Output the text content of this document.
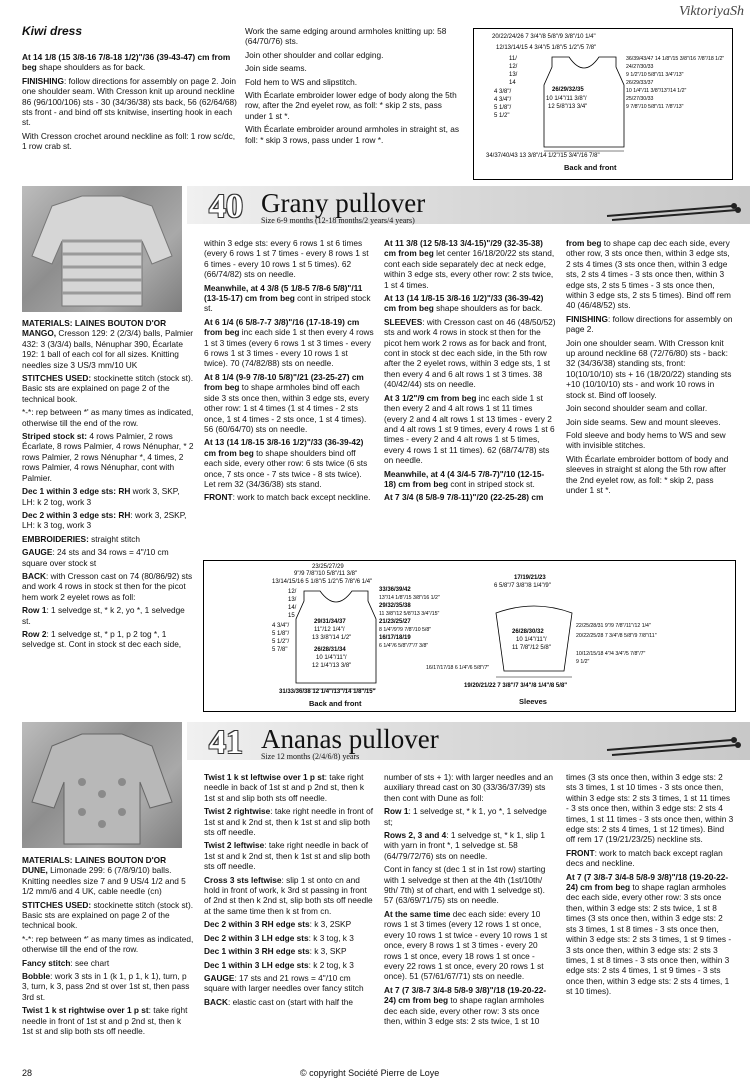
ViktoriyaSh
Kiwi dress

At 14 1/8 (15 3/8-16 7/8-18 1/2)"/36 (39-43-47) cm from beg shape shoulders as for back.

FINISHING: follow directions for assembly on page 2. Join one shoulder seam. With Cresson knit up around neckline 86 (96/100/106) sts - 30 (34/36/38) sts back, 56 (62/64/68) sts front - and bind off sts knitwise, inserting hook in each st.

With Cresson crochet around neckline as foll: 1 row sc/dc, 1 row crab st.

Work the same edging around armholes knitting up: 58 (64/70/76) sts.

Join other shoulder and collar edging.

Join side seams.

Fold hem to WS and slipstitch.

With Écarlate embroider lower edge of body along the 5th row, after the 2nd eyelet row, as foll: * skip 2 sts, pass under 1 st *.

With Écarlate embroider around armholes in straight st, as foll: * skip 3 rows, pass under 1 row *.

20/22/24/26 7 3/4"/8 5/8"/9 3/8"/10 1/4"
12/13/14/15 4 3/4"/5 1/8"/5 1/2"/5 7/8"
11/
12/
13/
14
4 3/8"/
4 3/4"/
5 1/8"/
5 1/2"
26/29/32/35
10 1/4"/11 3/8"/
12 5/8"/13 3/4"
36/39/43/47 14 1/8"/15 3/8"/16 7/8"/18 1/2"
24/27/30/33
9 1/2"/10 5/8"/11 3/4"/13"
26/29/33/37
10 1/4"/11 3/8"/13"/14 1/2"
25/27/30/33
9 7/8"/10 5/8"/11 7/8"/13"
34/37/40/43 13 3/8"/14 1/2"/15 3/4"/16 7/8"
Back and front
40 Grany pullover
Size 6-9 months (12-18 months/2 years/4 years)

MATERIALS: LAINES BOUTON D'OR MANGO, Cresson 129: 2 (2/3/4) balls, Palmier 432: 3 (3/3/4) balls, Nénuphar 390, Écarlate 192: 1 ball of each col for all sizes. Knitting needles size 3 US/3 mm/10 UK

STITCHES USED: stockinette stitch (stock st). Basic sts are explained on page 2 of the technical book.

*-*: rep between *' as many times as indicated, otherwise till the end of the row.

Striped stock st: 4 rows Palmier, 2 rows Écarlate, 8 rows Palmier, 4 rows Nénuphar, * 2 rows Palmier, 2 rows Nénuphar *, 4 times, 2 rows Palmier, 4 rows Nénuphar, cont with Palmier.

Dec 1 within 3 edge sts: RH work 3, SKP, LH: k 2 tog, work 3

Dec 2 within 3 edge sts: RH: work 3, 2SKP, LH: k 3 tog, work 3

EMBROIDERIES: straight stitch

GAUGE: 24 sts and 34 rows = 4"/10 cm square over stock st

BACK: with Cresson cast on 74 (80/86/92) sts and work 4 rows in stock st then for the picot hem work 2 eyelet rows as foll:

Row 1: 1 selvedge st, * k 2, yo *, 1 selvedge st.

Row 2: 1 selvedge st, * p 1, p 2 tog *, 1 selvedge st. Cont in stock st dec each side,

within 3 edge sts: every 6 rows 1 st 6 times (every 6 rows 1 st 7 times - every 8 rows 1 st 6 times - every 10 rows 1 st 5 times). 62 (66/74/82) sts on needle.

Meanwhile, at 4 3/8 (5 1/8-5 7/8-6 5/8)"/11 (13-15-17) cm from beg cont in striped stock st.

At 6 1/4 (6 5/8-7-7 3/8)"/16 (17-18-19) cm from beg inc each side 1 st then every 4 rows 1 st 3 times (every 6 rows 1 st 3 times - every 6 rows 1 st 3 times - every 10 rows 1 st twice). 70 (74/82/88) sts on needle.

At 8 1/4 (9-9 7/8-10 5/8)"/21 (23-25-27) cm from beg to shape armholes bind off each side 3 sts once then, within 3 edge sts, every other row: 1 st 4 times (1 st 4 times - 2 sts once, 1 st 4 times - 2 sts once, 1 st 4 times). 56 (60/64/70) sts on needle.

At 13 (14 1/8-15 3/8-16 1/2)"/33 (36-39-42) cm from beg to shape shoulders bind off each side, every other row: 6 sts twice (6 sts once, 7 sts once - 7 sts twice - 8 sts twice). Let rem 32 (34/36/38) sts stand.

FRONT: work to match back except neckline.

At 11 3/8 (12 5/8-13 3/4-15)"/29 (32-35-38) cm from beg let center 16/18/20/22 sts stand, cont each side separately dec at neck edge, within 3 edge sts, every other row: 2 sts twice, 1 st 4 times.

At 13 (14 1/8-15 3/8-16 1/2)"/33 (36-39-42) cm from beg shape shoulders as for back.

SLEEVES: with Cresson cast on 46 (48/50/52) sts and work 4 rows in stock st then for the picot hem work 2 rows as for back and front, cont in stock st dec each side, in the 5th row after the 2 eyelet rows, within 3 edge sts, 1 st then every 4 and 6 alt rows 1 st 3 times. 38 (40/42/44) sts on needle.

At 3 1/2"/9 cm from beg inc each side 1 st then every 2 and 4 alt rows 1 st 11 times (every 2 and 4 alt rows 1 st 13 times - every 2 and 4 alt rows 1 st 9 times, every 4 rows 1 st 6 times - every 2 and 4 alt rows 1 st 5 times, every 4 rows 1 st 11 times). 62 (68/74/78) sts on needle.

Meanwhile, at 4 (4 3/4-5 7/8-7)"/10 (12-15-18) cm from beg cont in striped stock st.

At 7 3/4 (8 5/8-9 7/8-11)"/20 (22-25-28) cm

from beg to shape cap dec each side, every other row, 3 sts once then, within 3 edge sts, 2 sts 4 times (3 sts once then, within 3 edge sts, 2 sts 4 times - 3 sts once then, within 3 edge sts, 2 sts 5 times - 3 sts once then, within 3 edge sts, 2 sts 5 times). Bind off rem 40 (46/48/52) sts.

FINISHING: follow directions for assembly on page 2.

Join one shoulder seam. With Cresson knit up around neckline 68 (72/76/80) sts - back: 32 (34/36/38) standing sts, front: 10(10/10/10) sts + 16 (18/20/22) standing sts +10 (10/10/10) sts - and work 10 rows in stock st. Bind off loosely.

Join second shoulder seam and collar.

Join side seams. Sew and mount sleeves.

Fold sleeve and body hems to WS and sew with invisible stitches.

With Écarlate embroider bottom of body and sleeves in straight st along the 5th row after the 2nd eyelet row, as foll: * skip 2, pass under 1 st *.

23/25/27/29
9"/9 7/8"/10 5/8"/11 3/8"
13/14/15/16 5 1/8"/5 1/2"/5 7/8"/6 1/4"
12/
13/
14/
15
4 3/4"/
5 1/8"/
5 1/2"/
5 7/8"
29/31/34/37
11"/12 1/4"/
13 3/8"/14 1/2"
26/28/31/34
10 1/4"/11"/
12 1/4"/13 3/8"
33/36/39/42
13"/14 1/8"/15 3/8"/16 1/2"
29/32/35/38
11 3/8"/12 5/8"/13 3/4"/15"
21/23/25/27
8 1/4"/9"/9 7/8"/10 5/8"
16/17/18/19
6 1/4"/6 5/8"/7"/7 3/8"
31/33/36/38 12 1/4"/13"/14 1/8"/15"
Back and front
17/19/21/23
6 5/8"/7 3/8"/8 1/4"/9"
26/28/30/32
10 1/4"/11"/
11 7/8"/12 5/8"
16/17/17/18 6 1/4"/6 5/8"/7"
22/25/28/31 9"/9 7/8"/11"/12 1/4"
20/22/25/28 7 3/4"/8 5/8"/9 7/8"/11"
10/12/15/18 4"/4 3/4"/5 7/8"/7"
9 1/2"
19/20/21/22 7 3/8"/7 3/4"/8 1/4"/8 5/8"
Sleeves
41 Ananas pullover
Size 12 months (2/4/6/8) years

MATERIALS: LAINES BOUTON D'OR DUNE, Limonade 299: 6 (7/8/9/10) balls. Knitting needles size 7 and 9 US/4 1/2 and 5 1/2 mm/6 and 4 UK, cable needle (cn)

STITCHES USED: stockinette stitch (stock st). Basic sts are explained on page 2 of the technical book.

*-*: rep between *' as many times as indicated, otherwise till the end of the row.

Fancy stitch: see chart

Bobble: work 3 sts in 1 (k 1, p 1, k 1), turn, p 3, turn, k 3, pass 2nd st over 1st st, then pass 3rd st.

Twist 1 k st rightwise over 1 p st: take right needle in front of 1st st and p 2nd st, then k 1st st and slip both sts off needle.

Twist 1 k st leftwise over 1 p st: take right needle in back of 1st st and p 2nd st, then k 1st st and slip both sts off needle.

Twist 2 rightwise: take right needle in front of 1st st and k 2nd st, then k 1st st and slip both sts off needle.

Twist 2 leftwise: take right needle in back of 1st st and k 2nd st, then k 1st st and slip both sts off needle.

Cross 3 sts leftwise: slip 1 st onto cn and hold in front of work, k 3rd st passing in front of 2nd st then k 2nd st, slip both sts off needle at the same time then k st from cn.

Dec 2 within 3 RH edge sts: k 3, 2SKP

Dec 2 within 3 LH edge sts: k 3 tog, k 3

Dec 1 within 3 RH edge sts: k 3, SKP

Dec 1 within 3 LH edge sts: k 2 tog, k 3

GAUGE: 17 sts and 21 rows = 4"/10 cm square with larger needles over fancy stitch

BACK: elastic cast on (start with half the

number of sts + 1): with larger needles and an auxiliary thread cast on 30 (33/36/37/39) sts then cont with Dune as foll:

Row 1: 1 selvedge st, * k 1, yo *, 1 selvedge st;

Rows 2, 3 and 4: 1 selvedge st, * k 1, slip 1 with yarn in front *, 1 selvedge st. 58 (64/79/72/76) sts on needle.

Cont in fancy st (dec 1 st in 1st row) starting with 1 selvedge st then at the 4th (1st/10th/ 9th/ 7th) st of chart, end with 1 selvedge st). 57 (63/69/71/75) sts on needle.

At the same time dec each side: every 10 rows 1 st 3 times (every 12 rows 1 st once, every 10 rows 1 st twice - every 10 rows 1 st once, every 8 rows 1 st 3 times - every 20 rows 1 st once, every 18 rows 1 st once - every 22 rows 1 st once, every 20 rows 1 st once). 51 (57/61/67/71) sts on needle.

At 7 (7 3/8-7 3/4-8 5/8-9 3/8)"/18 (19-20-22-24) cm from beg to shape raglan armholes dec each side, every other row: 3 sts once then, within 3 edge sts: 2 sts twice, 1 st 10

times (3 sts once then, within 3 edge sts: 2 sts 3 times, 1 st 10 times - 3 sts once then, within 3 edge sts: 2 sts 3 times, 1 st 11 times - 3 sts once then, within 3 edge sts: 2 sts 4 times, 1 st 11 times - 3 sts once then, within 3 edge sts: 2 sts 4 times, 1 st 12 times). Bind off rem 17 (19/21/23/25) neckline sts.

FRONT: work to match back except raglan decs and neckline.

At 7 (7 3/8-7 3/4-8 5/8-9 3/8)"/18 (19-20-22-24) cm from beg to shape raglan armholes dec each side, every other row: 3 sts once then, within 3 edge sts: 2 sts twice, 1 st 8 times (3 sts once then, within 3 edge sts: 2 sts 3 times, 1 st 8 times - 3 sts once then, within 3 edge sts: 2 sts 3 times, 1 st 9 times - 3 sts once then, within 3 edge sts: 2 sts 3 times, 1 st 8 times - 3 sts once then, within 3 edge sts: 2 sts 4 times, 1 st 9 times - 3 sts once then, within 3 edge sts: 2 sts 4 times, 1 st 10 times).

28	© copyright Société Pierre de Loye
